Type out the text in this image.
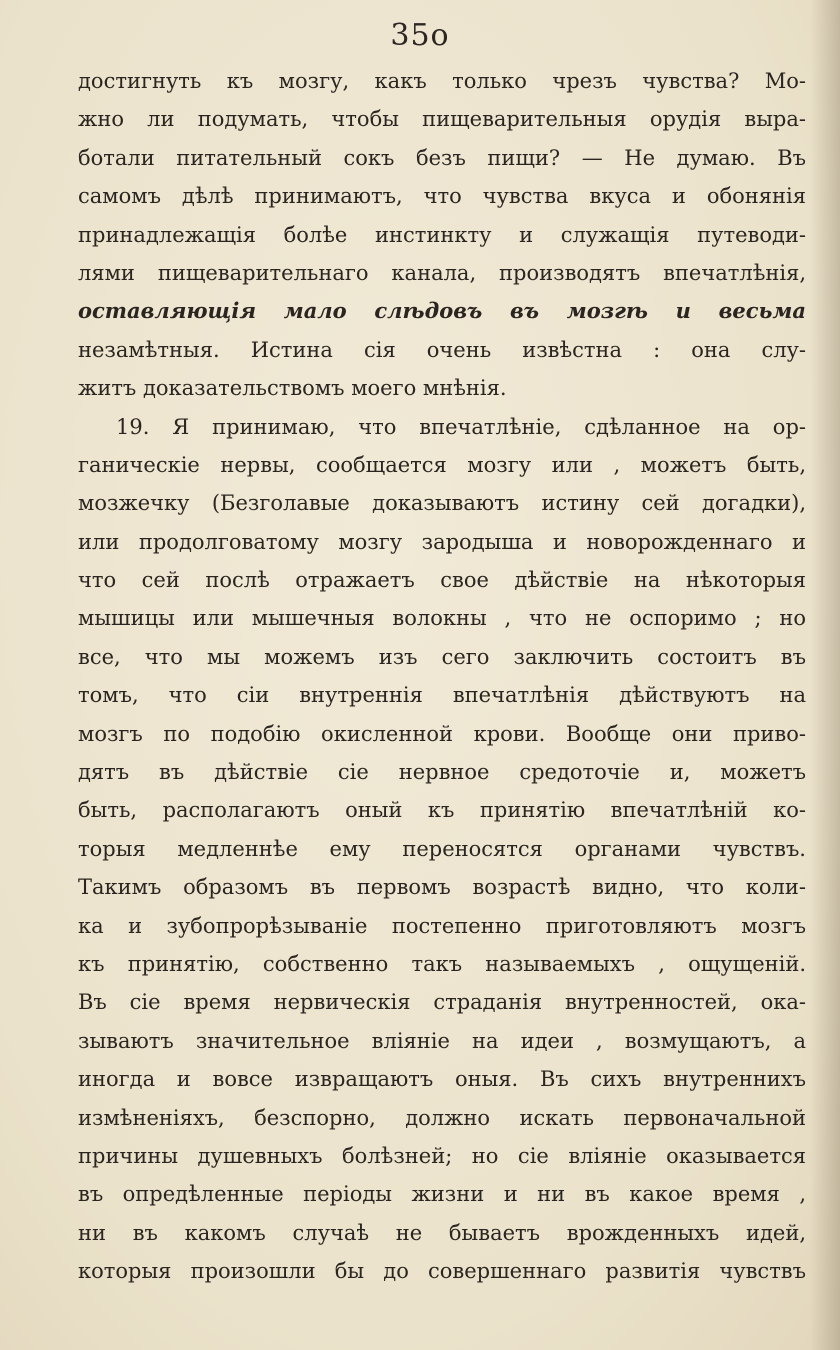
35о
достигнуть къ мозгу, какъ только чрезъ чувства? Мо-
жно ли подумать, чтобы пищеварительныя орудія выра-
ботали питательный сокъ безъ пищи? — Не думаю. Въ
самомъ дѣлѣ принимаютъ, что чувства вкуса и обонянія
принадлежащія болѣе инстинкту и служащія путеводи-
лями пищеварительнаго канала, производятъ впечатлѣнія,
оставляющія мало слѣдовъ въ мозгѣ и весьма
незамѣтныя. Истина сія очень извѣстна : она слу-
житъ доказательствомъ моего мнѣнія.
19. Я принимаю, что впечатлѣніе, сдѣланное на ор-
ганическіе нервы, сообщается мозгу или , можетъ быть,
мозжечку (Безголавые доказываютъ истину сей догадки),
или продолговатому мозгу зародыша и новорожденнаго и
что сей послѣ отражаетъ свое дѣйствіе на нѣкоторыя
мышицы или мышечныя волокны , что не оспоримо ; но
все, что мы можемъ изъ сего заключить состоитъ въ
томъ, что сіи внутреннія впечатлѣнія дѣйствуютъ на
мозгъ по подобію окисленной крови. Вообще они приво-
дятъ въ дѣйствіе сіе нервное средоточіе и, можетъ
быть, располагаютъ оный къ принятію впечатлѣній ко-
торыя медленнѣе ему переносятся органами чувствъ.
Такимъ образомъ въ первомъ возрастѣ видно, что коли-
ка и зубопрорѣзываніе постепенно приготовляютъ мозгъ
къ принятію, собственно такъ называемыхъ , ощущеній.
Въ сіе время нервическія страданія внутренностей, ока-
зываютъ значительное вліяніе на идеи , возмущаютъ, а
иногда и вовсе извращаютъ оныя. Въ сихъ внутреннихъ
измѣненіяхъ, безспорно, должно искать первоначальной
причины душевныхъ болѣзней; но сіе вліяніе оказывается
въ опредѣленные періоды жизни и ни въ какое время ,
ни въ какомъ случаѣ не бываетъ врожденныхъ идей,
которыя произошли бы до совершеннаго развитія чувствъ
